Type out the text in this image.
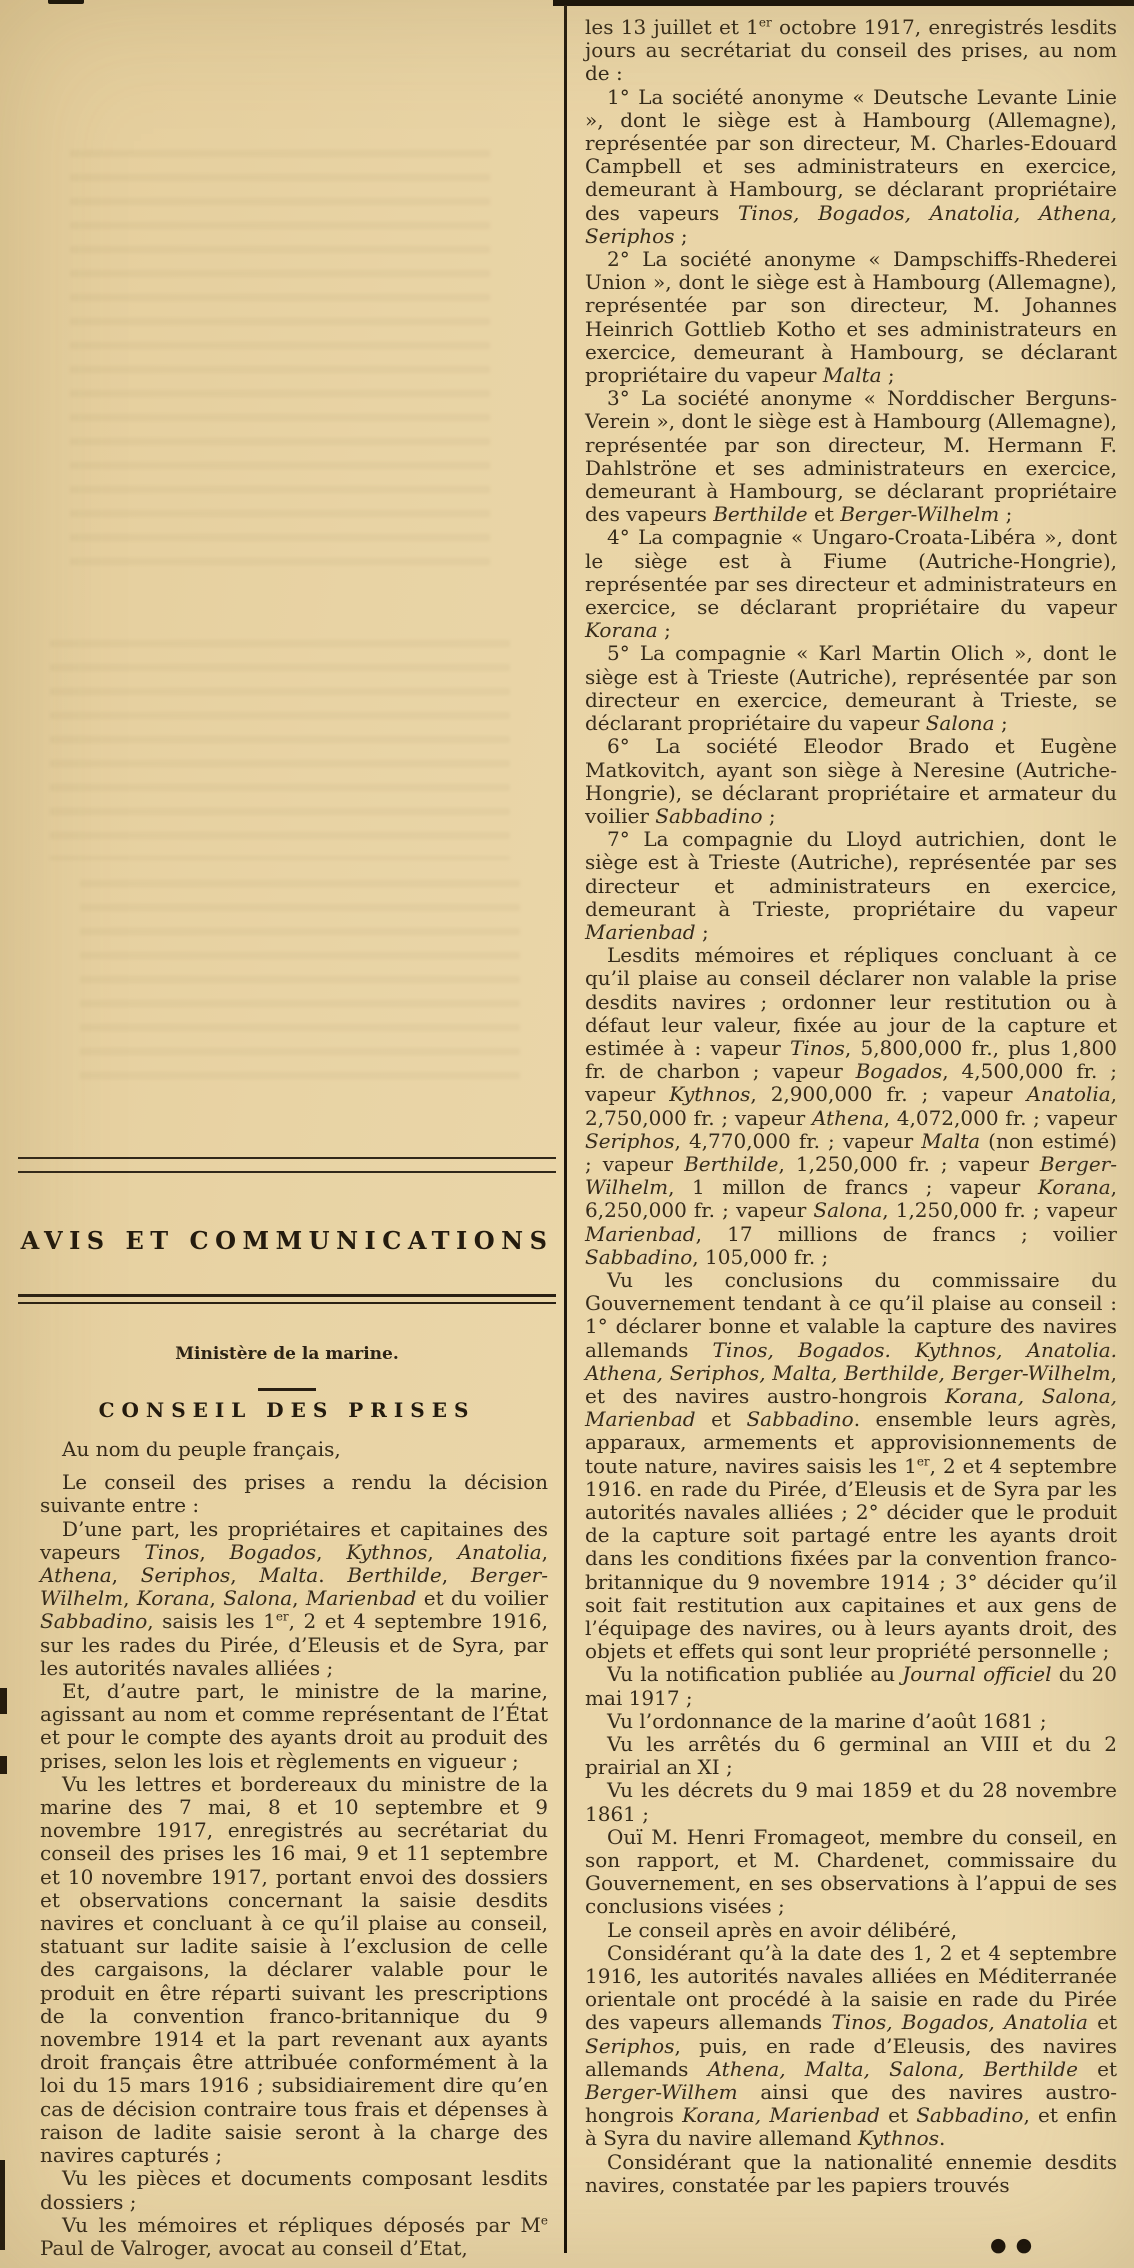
AVIS ET COMMUNICATIONS
Ministère de la marine.
CONSEIL DES PRISES

Au nom du peuple français,

Le conseil des prises a rendu la décision suivante entre :

D’une part, les propriétaires et capitaines des vapeurs Tinos, Bogados, Kythnos, Anatolia, Athena, Seriphos, Malta. Berthilde, Berger-Wilhelm, Korana, Salona, Marienbad et du voilier Sabbadino, saisis les 1er, 2 et 4 septembre 1916, sur les rades du Pirée, d’Eleusis et de Syra, par les autorités navales alliées ;

Et, d’autre part, le ministre de la marine, agissant au nom et comme représentant de l’État et pour le compte des ayants droit au produit des prises, selon les lois et règlements en vigueur ;

Vu les lettres et bordereaux du ministre de la marine des 7 mai, 8 et 10 septembre et 9 novembre 1917, enregistrés au secrétariat du conseil des prises les 16 mai, 9 et 11 septembre et 10 novembre 1917, portant envoi des dossiers et observations concernant la saisie desdits navires et concluant à ce qu’il plaise au conseil, statuant sur ladite saisie à l’exclusion de celle des cargaisons, la déclarer valable pour le produit en être réparti suivant les prescriptions de la convention franco-britannique du 9 novembre 1914 et la part revenant aux ayants droit français être attribuée conformément à la loi du 15 mars 1916 ; subsidiairement dire qu’en cas de décision contraire tous frais et dépenses à raison de ladite saisie seront à la charge des navires capturés ;

Vu les pièces et documents composant lesdits dossiers ;

Vu les mémoires et répliques déposés par Me Paul de Valroger, avocat au conseil d’Etat,

les 13 juillet et 1er octobre 1917, enregistrés lesdits jours au secrétariat du conseil des prises, au nom de :

1° La société anonyme « Deutsche Levante Linie », dont le siège est à Hambourg (Allemagne), représentée par son directeur, M. Charles-Edouard Campbell et ses administrateurs en exercice, demeurant à Hambourg, se déclarant propriétaire des vapeurs Tinos, Bogados, Anatolia, Athena, Seriphos ;

2° La société anonyme « Dampschiffs-Rhederei Union », dont le siège est à Hambourg (Allemagne), représentée par son directeur, M. Johannes Heinrich Gottlieb Kotho et ses administrateurs en exercice, demeurant à Hambourg, se déclarant propriétaire du vapeur Malta ;

3° La société anonyme « Norddischer Berguns-Verein », dont le siège est à Hambourg (Allemagne), représentée par son directeur, M. Hermann F. Dahlströne et ses administrateurs en exercice, demeurant à Hambourg, se déclarant propriétaire des vapeurs Berthilde et Berger-Wilhelm ;

4° La compagnie « Ungaro-Croata-Libéra », dont le siège est à Fiume (Autriche-Hongrie), représentée par ses directeur et administrateurs en exercice, se déclarant propriétaire du vapeur Korana ;

5° La compagnie « Karl Martin Olich », dont le siège est à Trieste (Autriche), représentée par son directeur en exercice, demeurant à Trieste, se déclarant propriétaire du vapeur Salona ;

6° La société Eleodor Brado et Eugène Matkovitch, ayant son siège à Neresine (Autriche-Hongrie), se déclarant propriétaire et armateur du voilier Sabbadino ;

7° La compagnie du Lloyd autrichien, dont le siège est à Trieste (Autriche), représentée par ses directeur et administrateurs en exercice, demeurant à Trieste, propriétaire du vapeur Marienbad ;

Lesdits mémoires et répliques concluant à ce qu’il plaise au conseil déclarer non valable la prise desdits navires ; ordonner leur restitution ou à défaut leur valeur, fixée au jour de la capture et estimée à : vapeur Tinos, 5,800,000 fr., plus 1,800 fr. de charbon ; vapeur Bogados, 4,500,000 fr. ; vapeur Kythnos, 2,900,000 fr. ; vapeur Anatolia, 2,750,000 fr. ; vapeur Athena, 4,072,000 fr. ; vapeur Seriphos, 4,770,000 fr. ; vapeur Malta (non estimé) ; vapeur Berthilde, 1,250,000 fr. ; vapeur Berger-Wilhelm, 1 millon de francs ; vapeur Korana, 6,250,000 fr. ; vapeur Salona, 1,250,000 fr. ; vapeur Marienbad, 17 millions de francs ; voilier Sabbadino, 105,000 fr. ;

Vu les conclusions du commissaire du Gouvernement tendant à ce qu’il plaise au conseil : 1° déclarer bonne et valable la capture des navires allemands Tinos, Bogados. Kythnos, Anatolia. Athena, Seriphos, Malta, Berthilde, Berger-Wilhelm, et des navires austro-hongrois Korana, Salona, Marienbad et Sabbadino. ensemble leurs agrès, apparaux, armements et approvisionnements de toute nature, navires saisis les 1er, 2 et 4 septembre 1916. en rade du Pirée, d’Eleusis et de Syra par les autorités navales alliées ; 2° décider que le produit de la capture soit partagé entre les ayants droit dans les conditions fixées par la convention franco-britannique du 9 novembre 1914 ; 3° décider qu’il soit fait restitution aux capitaines et aux gens de l’équipage des navires, ou à leurs ayants droit, des objets et effets qui sont leur propriété personnelle ;

Vu la notification publiée au Journal officiel du 20 mai 1917 ;

Vu l’ordonnance de la marine d’août 1681 ;

Vu les arrêtés du 6 germinal an VIII et du 2 prairial an XI ;

Vu les décrets du 9 mai 1859 et du 28 novembre 1861 ;

Ouï M. Henri Fromageot, membre du conseil, en son rapport, et M. Chardenet, commissaire du Gouvernement, en ses observations à l’appui de ses conclusions visées ;

Le conseil après en avoir délibéré,

Considérant qu’à la date des 1, 2 et 4 septembre 1916, les autorités navales alliées en Méditerranée orientale ont procédé à la saisie en rade du Pirée des vapeurs allemands Tinos, Bogados, Anatolia et Seriphos, puis, en rade d’Eleusis, des navires allemands Athena, Malta, Salona, Berthilde et Berger-Wilhem ainsi que des navires austro-hongrois Korana, Marienbad et Sabbadino, et enfin à Syra du navire allemand Kythnos.

Considérant que la nationalité ennemie desdits navires, constatée par les papiers trouvés

●●
